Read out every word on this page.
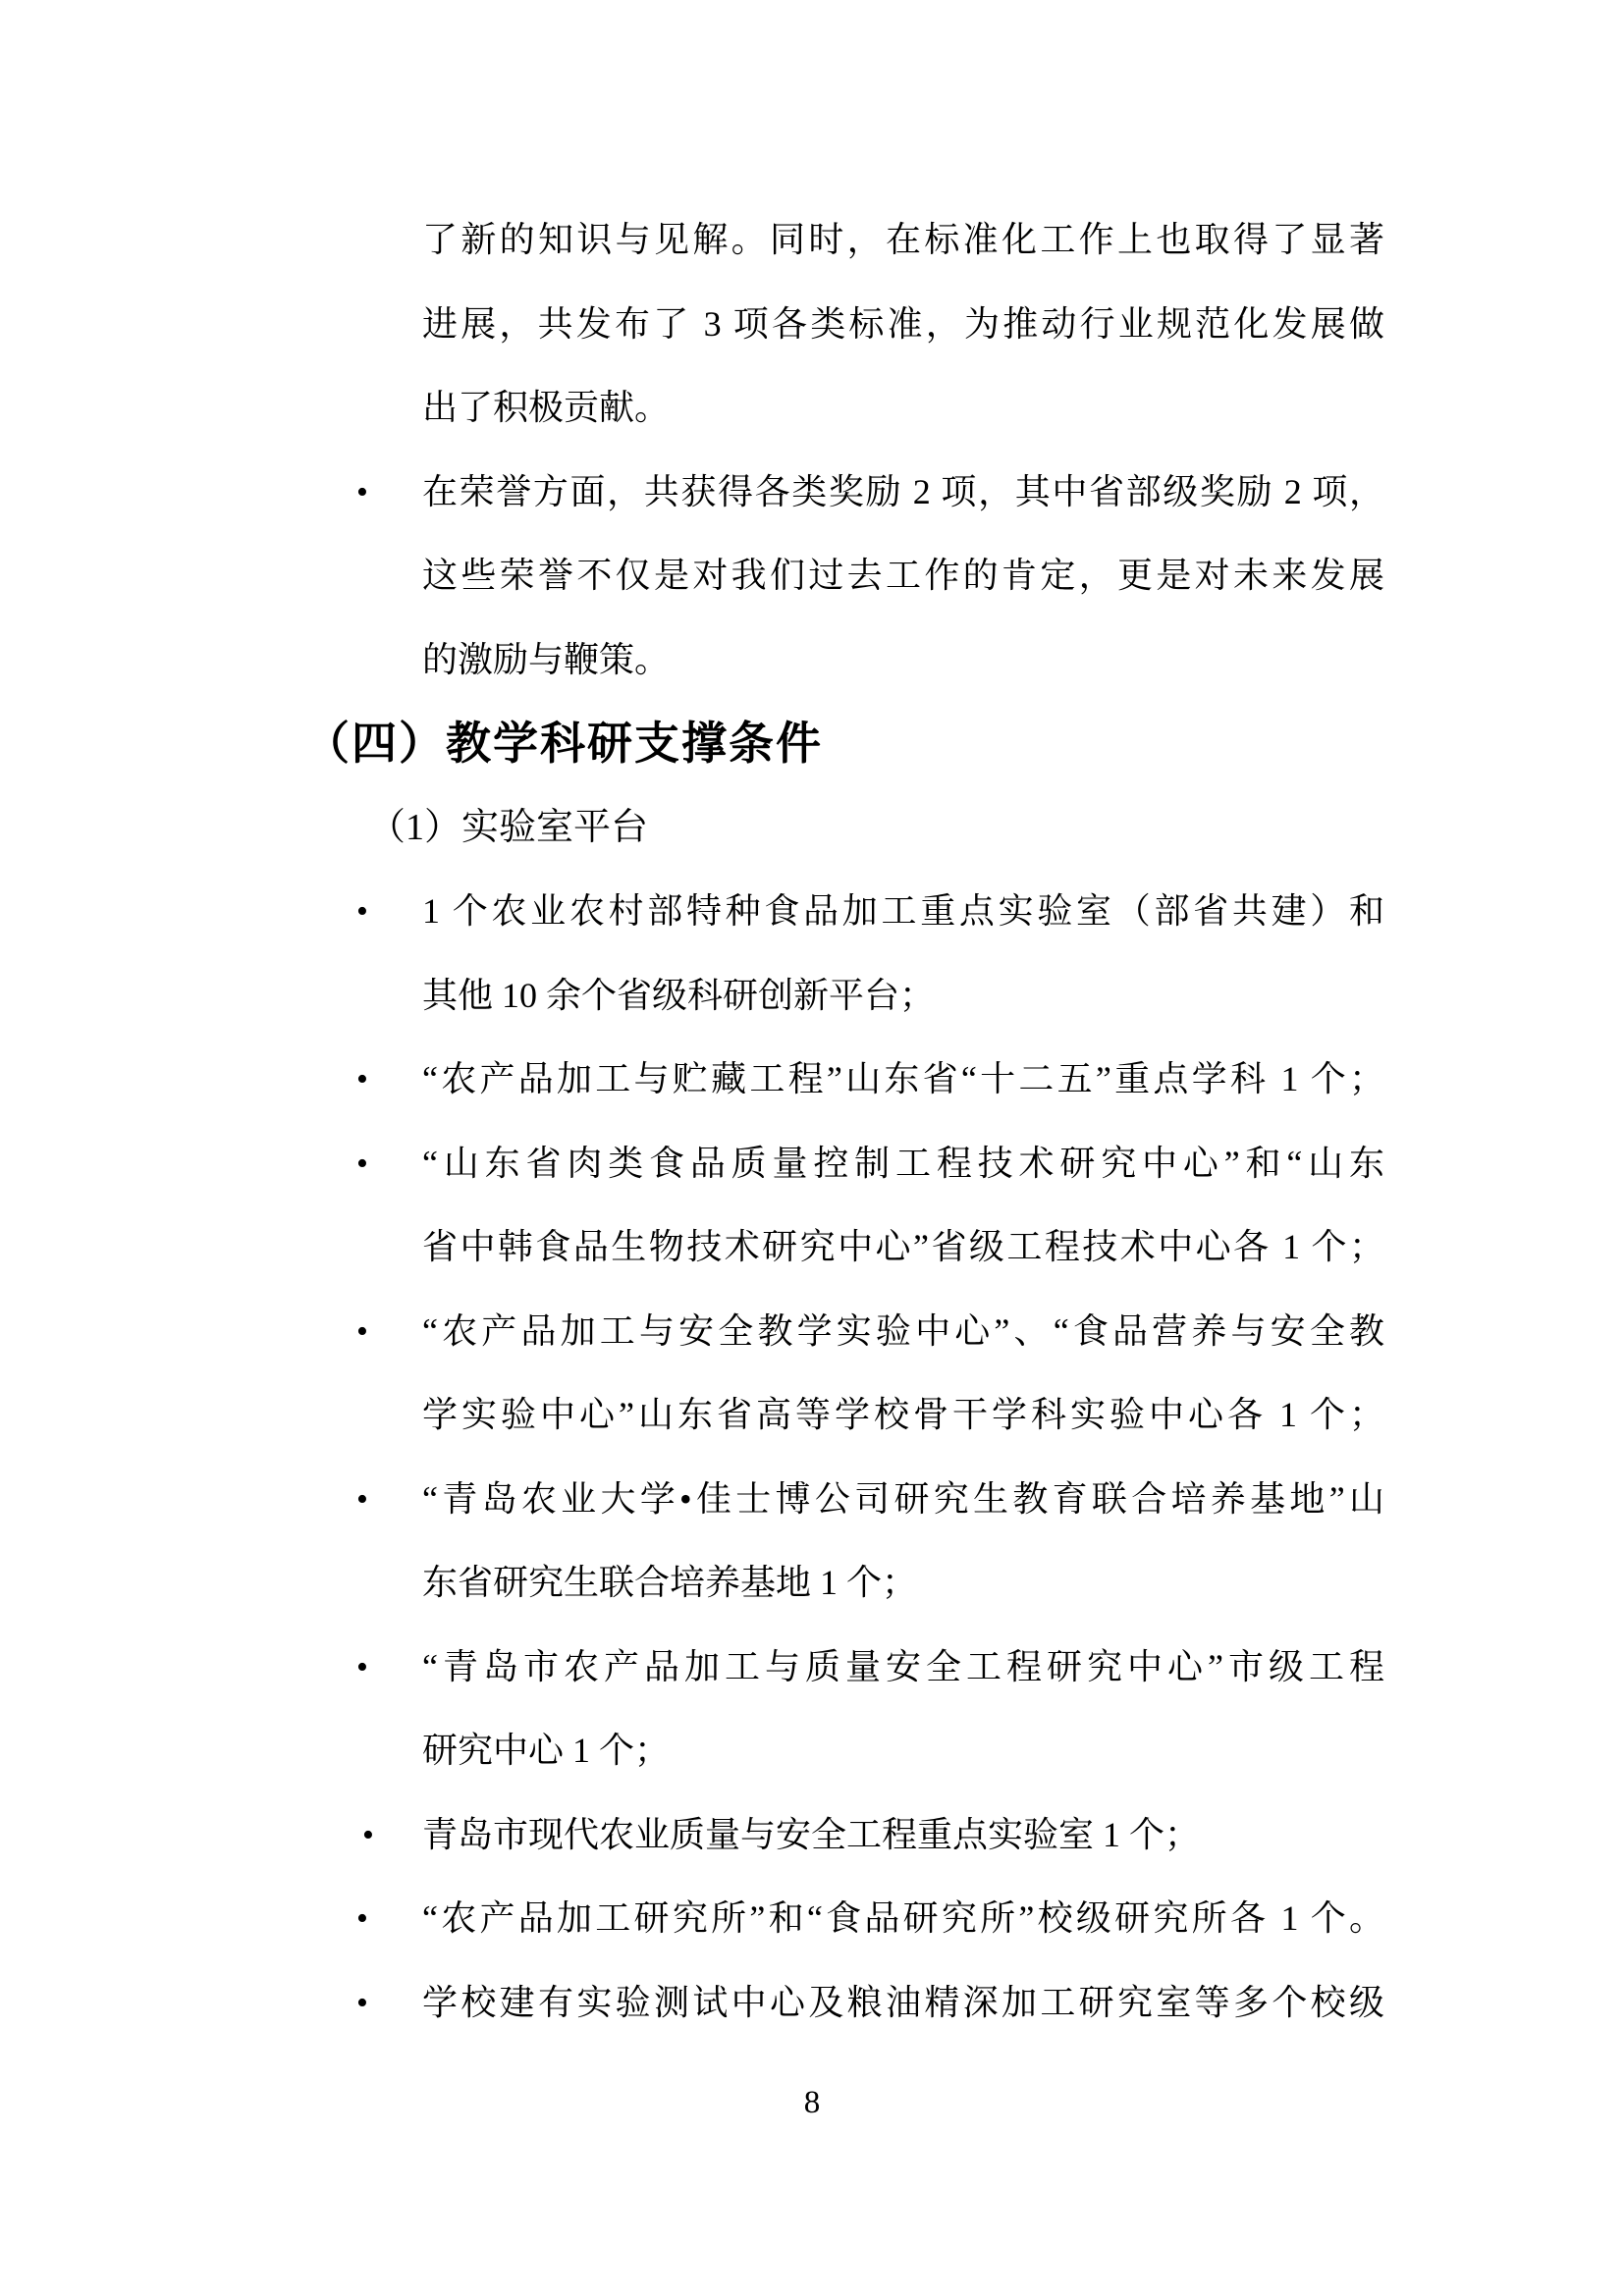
了新的知识与见解。同时，在标准化工作上也取得了显著
进展，共发布了 3 项各类标准，为推动行业规范化发展做
出了积极贡献。
•	在荣誉方面，共获得各类奖励 2 项，其中省部级奖励 2 项，
这些荣誉不仅是对我们过去工作的肯定，更是对未来发展
的激励与鞭策。
（四）教学科研支撑条件
（1）实验室平台
•	1 个农业农村部特种食品加工重点实验室（部省共建）和
其他 10 余个省级科研创新平台；
•	“农产品加工与贮藏工程”山东省“十二五”重点学科 1 个；
•	“山东省肉类食品质量控制工程技术研究中心”和“山东
省中韩食品生物技术研究中心”省级工程技术中心各 1 个；
•	“农产品加工与安全教学实验中心”、“食品营养与安全教
学实验中心”山东省高等学校骨干学科实验中心各 1 个；
•	“青岛农业大学•佳士博公司研究生教育联合培养基地”山
东省研究生联合培养基地 1 个；
•	“青岛市农产品加工与质量安全工程研究中心”市级工程
研究中心 1 个；
• 青岛市现代农业质量与安全工程重点实验室 1 个；
•	“农产品加工研究所”和“食品研究所”校级研究所各 1 个。
•	学校建有实验测试中心及粮油精深加工研究室等多个校级
8
